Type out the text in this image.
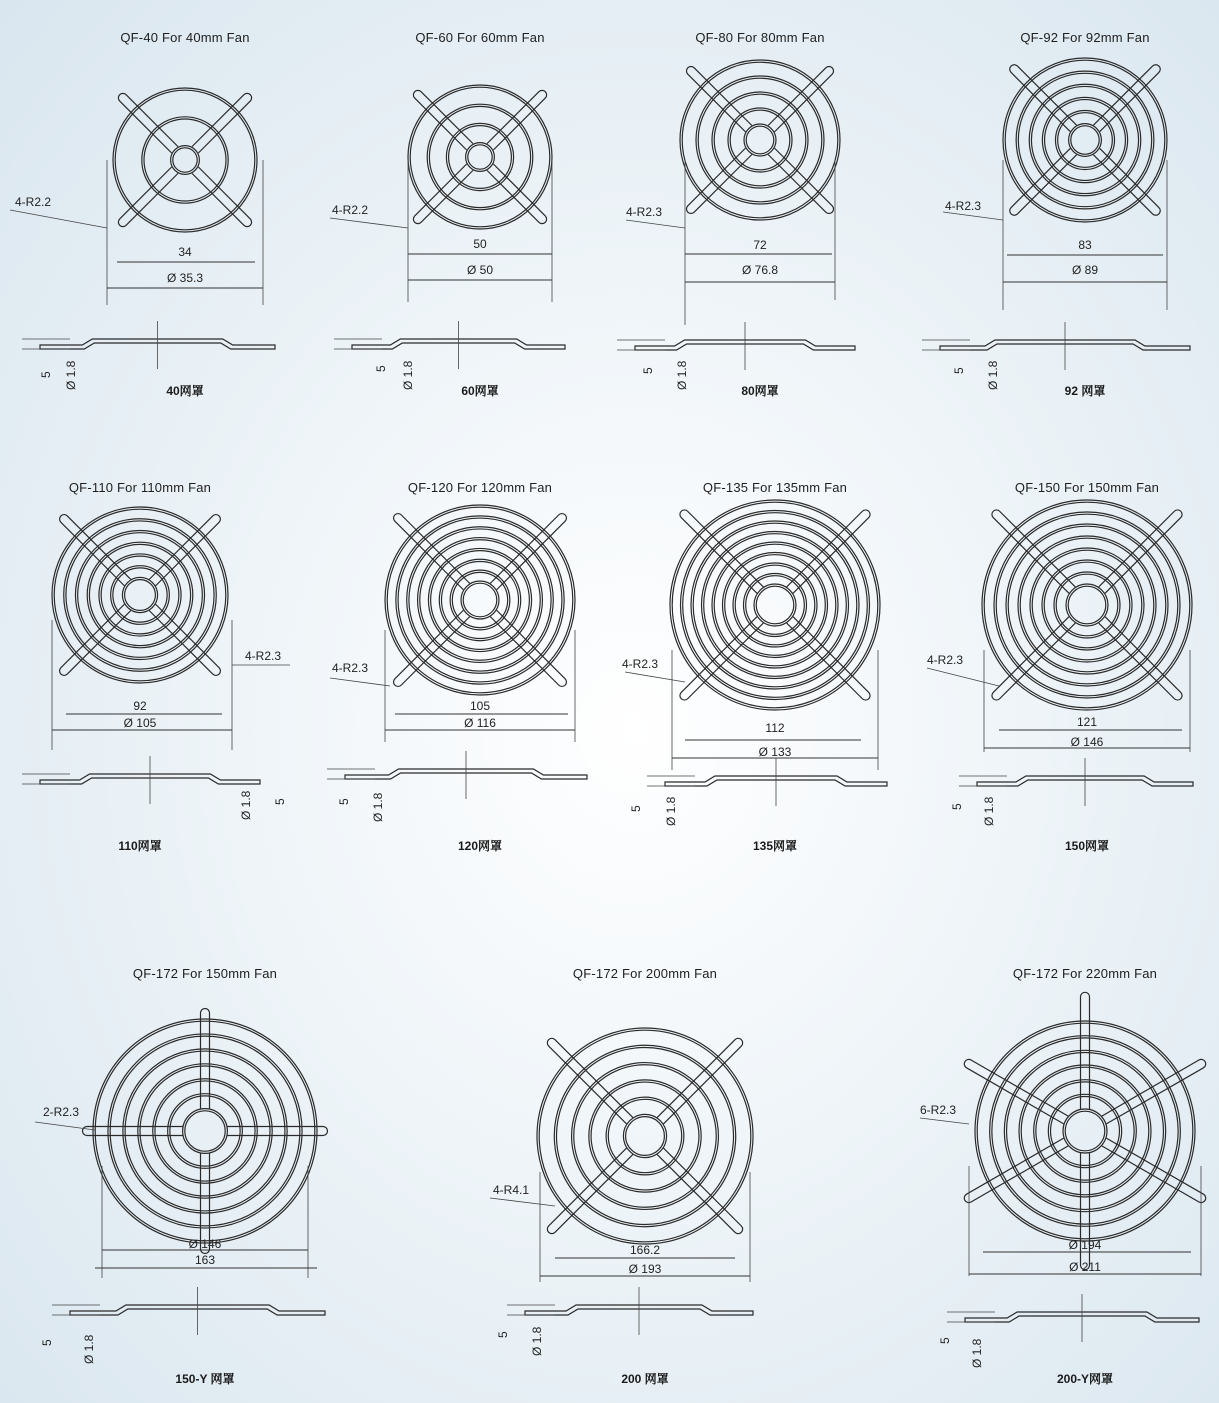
QF-40 For 40mm Fan
34
Ø 35.3
4-R2.2
5 Ø 1.8
40网罩
QF-60 For 60mm Fan
50
Ø 50
4-R2.2
5 Ø 1.8
60网罩
QF-80 For 80mm Fan
72
Ø 76.8
4-R2.3
5 Ø 1.8
80网罩
QF-92 For 92mm Fan
83
Ø 89
4-R2.3
5 Ø 1.8
92 网罩
QF-110 For 110mm Fan
92
Ø 105
4-R2.3
Ø 1.8 5
110网罩
QF-120 For 120mm Fan
105
Ø 116
4-R2.3
5 Ø 1.8
120网罩
QF-135 For 135mm Fan
112
Ø 133
4-R2.3
5 Ø 1.8
135网罩
QF-150 For 150mm Fan
121
Ø 146
4-R2.3
5 Ø 1.8
150网罩
QF-172 For 150mm Fan
Ø 146
163
2-R2.3
5 Ø 1.8
150-Y 网罩
QF-172 For 200mm Fan
166.2
Ø 193
4-R4.1
5 Ø 1.8
200 网罩
QF-172 For 220mm Fan
Ø 194
Ø 211
6-R2.3
5 Ø 1.8
200-Y网罩
